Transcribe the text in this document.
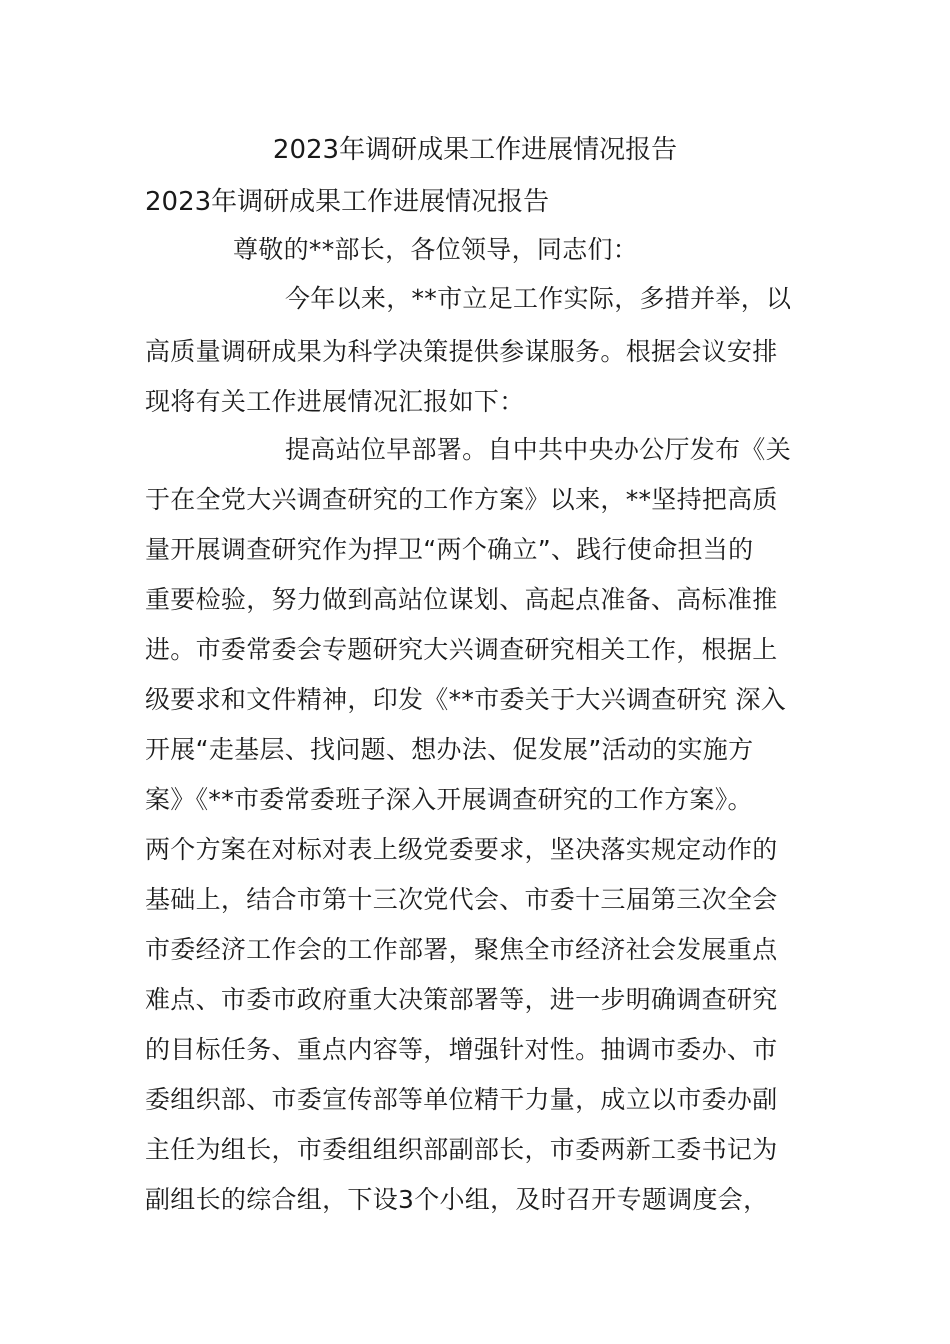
2023年调研成果工作进展情况报告
2023年调研成果工作进展情况报告
尊敬的**部长，各位领导，同志们：
今年以来，**市立足工作实际，多措并举，以
高质量调研成果为科学决策提供参谋服务。根据会议安排
现将有关工作进展情况汇报如下：
提高站位早部署。自中共中央办公厅发布《关
于在全党大兴调查研究的工作方案》以来，**坚持把高质
量开展调查研究作为捍卫“两个确立”、践行使命担当的
重要检验，努力做到高站位谋划、高起点准备、高标准推
进。市委常委会专题研究大兴调查研究相关工作，根据上
级要求和文件精神，印发《**市委关于大兴调查研究 深入
开展“走基层、找问题、想办法、促发展”活动的实施方
案》《**市委常委班子深入开展调查研究的工作方案》。
两个方案在对标对表上级党委要求，坚决落实规定动作的
基础上，结合市第十三次党代会、市委十三届第三次全会
市委经济工作会的工作部署，聚焦全市经济社会发展重点
难点、市委市政府重大决策部署等，进一步明确调查研究
的目标任务、重点内容等，增强针对性。抽调市委办、市
委组织部、市委宣传部等单位精干力量，成立以市委办副
主任为组长，市委组组织部副部长，市委两新工委书记为
副组长的综合组，下设3个小组，及时召开专题调度会，
